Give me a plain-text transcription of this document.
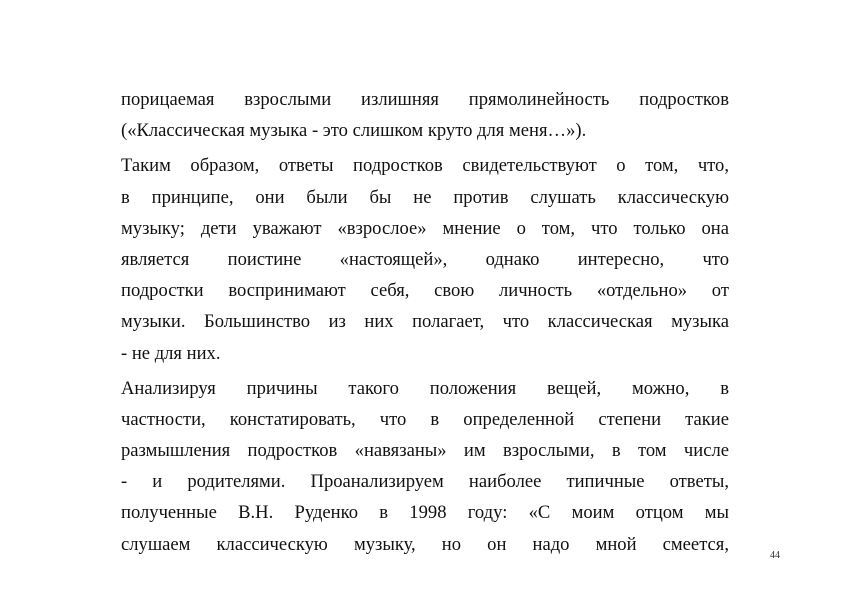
порицаемая взрослыми излишняя прямолинейность подростков
(«Классическая музыка - это слишком круто для меня…»).

Таким образом, ответы подростков свидетельствуют о том, что,
в принципе, они были бы не против слушать классическую
музыку; дети уважают «взрослое» мнение о том, что только она
является поистине «настоящей», однако интересно, что
подростки воспринимают себя, свою личность «отдельно» от
музыки. Большинство из них полагает, что классическая музыка
- не для них.

Анализируя причины такого положения вещей, можно, в
частности, констатировать, что в определенной степени такие
размышления подростков «навязаны» им взрослыми, в том числе
- и родителями. Проанализируем наиболее типичные ответы,
полученные В.Н. Руденко в 1998 году: «С моим отцом мы
слушаем классическую музыку, но он надо мной смеется,

44
